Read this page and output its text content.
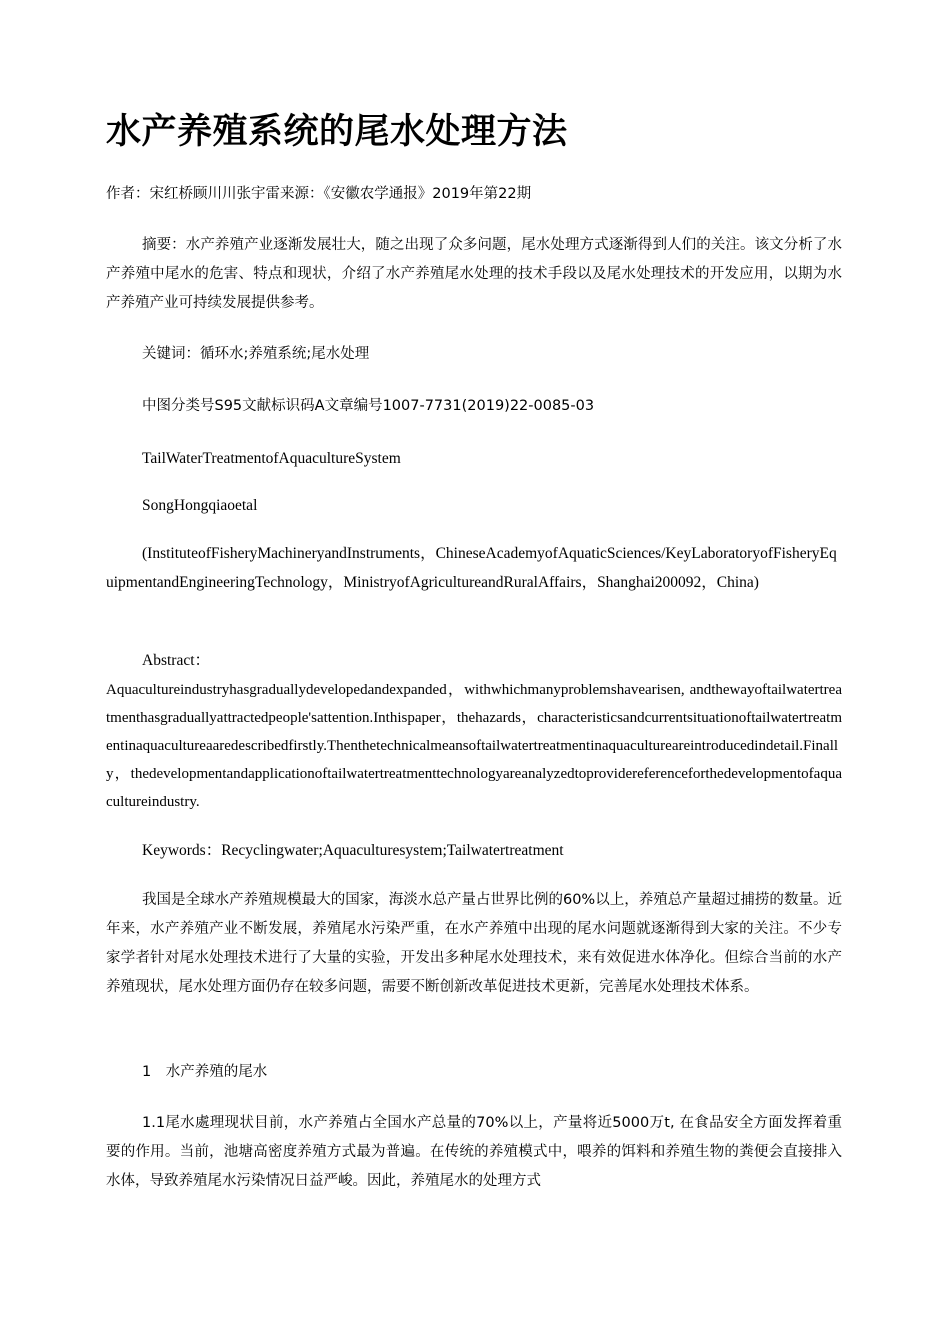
水产养殖系统的尾水处理方法
作者：宋红桥顾川川张宇雷来源：《安徽农学通报》2019年第22期

摘要：水产养殖产业逐渐发展壮大，随之出现了众多问题，尾水处理方式逐渐得到人们的关注。该文分析了水产养殖中尾水的危害、特点和现状，介绍了水产养殖尾水处理的技术手段以及尾水处理技术的开发应用，以期为水产养殖产业可持续发展提供参考。

关键词：循环水;养殖系统;尾水处理
中图分类号S95文献标识码A文章编号1007-7731(2019)22-0085-03
TailWaterTreatmentofAquacultureSystem
SongHongqiaoetal

(InstituteofFisheryMachineryandInstruments，ChineseAcademyofAquaticSciences/KeyLaboratoryofFisheryEquipmentandEngineeringTechnology，MinistryofAgricultureandRuralAffairs，Shanghai200092，China)

Abstract：

Aquacultureindustryhasgraduallydevelopedandexpanded，withwhichmanyproblemshavearisen, andthewayoftailwatertreatmenthasgraduallyattractedpeople'sattention.Inthispaper，thehazards，characteristicsandcurrentsituationoftailwatertreatmentinaquacultureaaredescribedfirstly.Thenthetechnicalmeansoftailwatertreatmentinaquacultureareintroducedindetail.Finally，thedevelopmentandapplicationoftailwatertreatmenttechnologyareanalyzedtoprovidereferenceforthedevelopmentofaquacultureindustry.

Keywords：Recyclingwater;Aquaculturesystem;Tailwatertreatment

我国是全球水产养殖规模最大的国家，海淡水总产量占世界比例的60%以上，养殖总产量超过捕捞的数量。近年来，水产养殖产业不断发展，养殖尾水污染严重，在水产养殖中出现的尾水问题就逐渐得到大家的关注。不少专家学者针对尾水处理技术进行了大量的实验，开发出多种尾水处理技术，来有效促进水体净化。但综合当前的水产养殖现状，尾水处理方面仍存在较多问题，需要不断创新改革促进技术更新，完善尾水处理技术体系。

1　水产养殖的尾水

1.1尾水處理现状目前，水产养殖占全国水产总量的70%以上，产量将近5000万t, 在食品安全方面发挥着重要的作用。当前，池塘高密度养殖方式最为普遍。在传统的养殖模式中，喂养的饵料和养殖生物的粪便会直接排入水体，导致养殖尾水污染情况日益严峻。因此，养殖尾水的处理方式
